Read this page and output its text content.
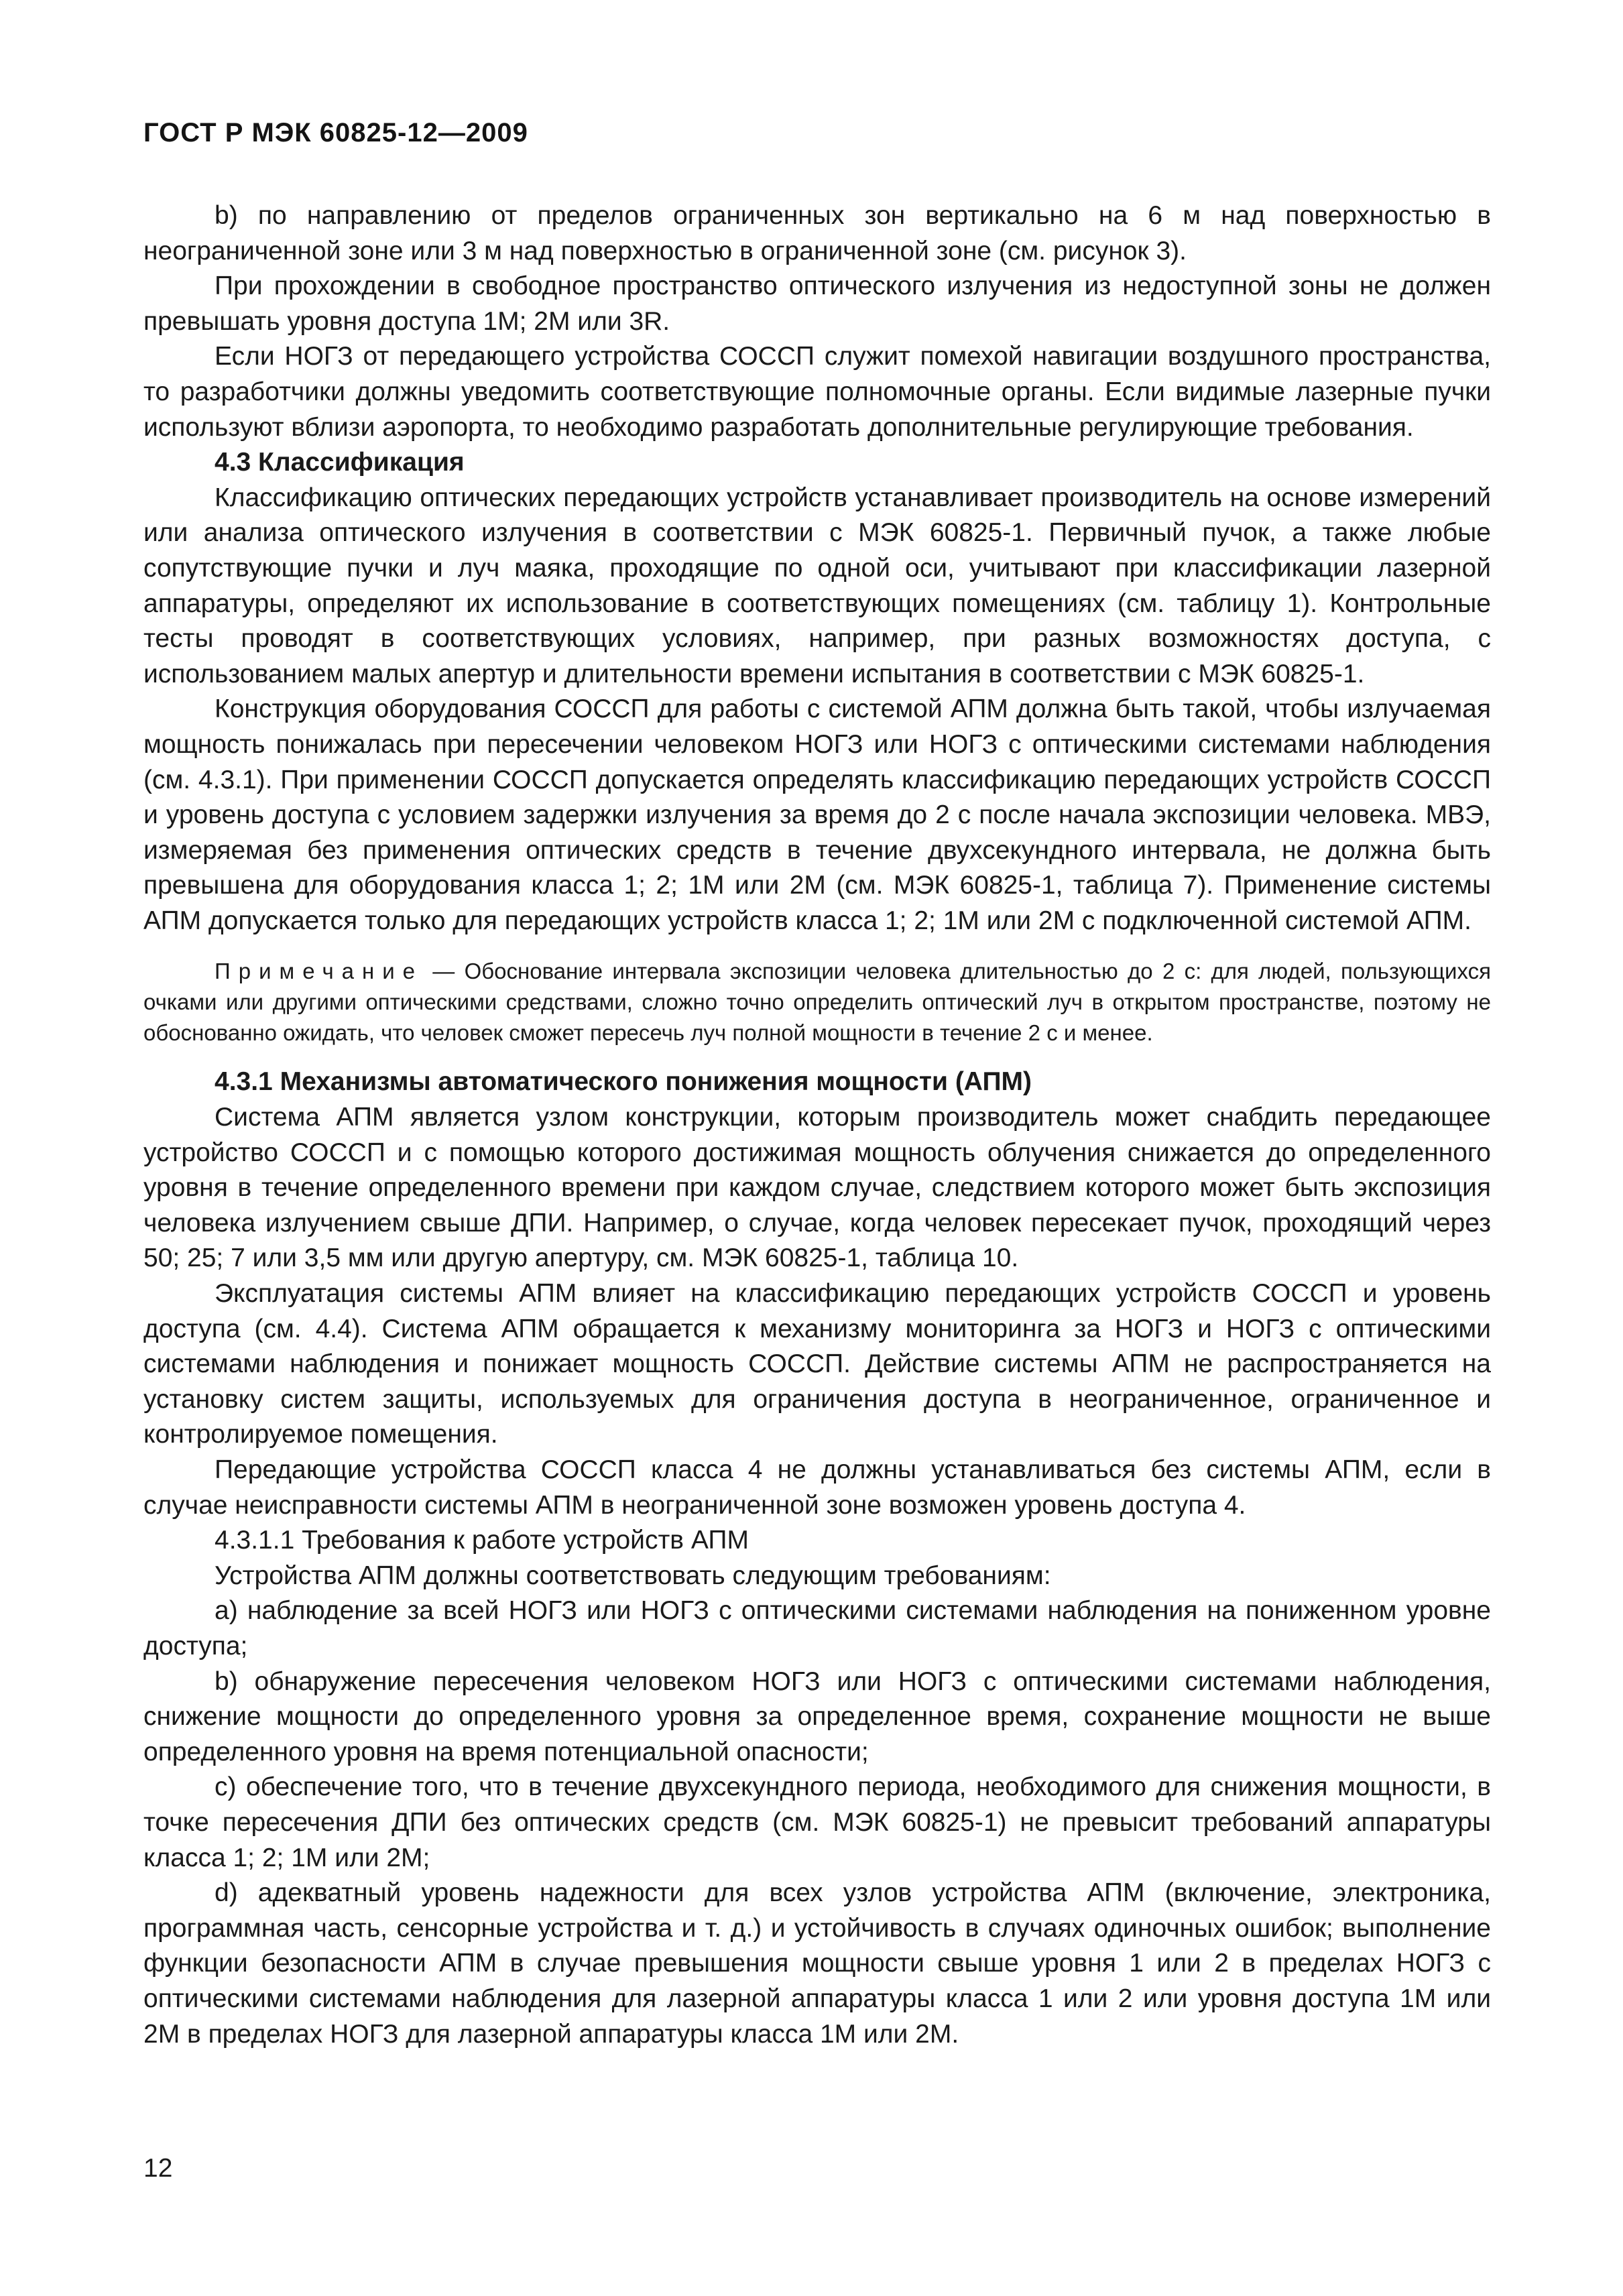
ГОСТ Р МЭК 60825-12—2009

b) по направлению от пределов ограниченных зон вертикально на 6 м над поверхностью в неограниченной зоне или 3 м над поверхностью в ограниченной зоне (см. рисунок 3).

При прохождении в свободное пространство оптического излучения из недоступной зоны не должен превышать уровня доступа 1М; 2М или 3R.

Если НОГЗ от передающего устройства СОССП служит помехой навигации воздушного пространства, то разработчики должны уведомить соответствующие полномочные органы. Если видимые лазерные пучки используют вблизи аэропорта, то необходимо разработать дополнительные регулирующие требования.

4.3 Классификация

Классификацию оптических передающих устройств устанавливает производитель на основе измерений или анализа оптического излучения в соответствии с МЭК 60825-1. Первичный пучок, а также любые сопутствующие пучки и луч маяка, проходящие по одной оси, учитывают при классификации лазерной аппаратуры, определяют их использование в соответствующих помещениях (см. таблицу 1). Контрольные тесты проводят в соответствующих условиях, например, при разных возможностях доступа, с использованием малых апертур и длительности времени испытания в соответствии с МЭК 60825-1.

Конструкция оборудования СОССП для работы с системой АПМ должна быть такой, чтобы излучаемая мощность понижалась при пересечении человеком НОГЗ или НОГЗ с оптическими системами наблюдения (см. 4.3.1). При применении СОССП допускается определять классификацию передающих устройств СОССП и уровень доступа с условием задержки излучения за время до 2 с после начала экспозиции человека. МВЭ, измеряемая без применения оптических средств в течение двухсекундного интервала, не должна быть превышена для оборудования класса 1; 2; 1М или 2М (см. МЭК 60825-1, таблица 7). Применение системы АПМ допускается только для передающих устройств класса 1; 2; 1М или 2М с подключенной системой АПМ.

Примечание — Обоснование интервала экспозиции человека длительностью до 2 с: для людей, пользующихся очками или другими оптическими средствами, сложно точно определить оптический луч в открытом пространстве, поэтому не обоснованно ожидать, что человек сможет пересечь луч полной мощности в течение 2 с и менее.

4.3.1 Механизмы автоматического понижения мощности (АПМ)

Система АПМ является узлом конструкции, которым производитель может снабдить передающее устройство СОССП и с помощью которого достижимая мощность облучения снижается до определенного уровня в течение определенного времени при каждом случае, следствием которого может быть экспозиция человека излучением свыше ДПИ. Например, о случае, когда человек пересекает пучок, проходящий через 50; 25; 7 или 3,5 мм или другую апертуру, см. МЭК 60825-1, таблица 10.

Эксплуатация системы АПМ влияет на классификацию передающих устройств СОССП и уровень доступа (см. 4.4). Система АПМ обращается к механизму мониторинга за НОГЗ и НОГЗ с оптическими системами наблюдения и понижает мощность СОССП. Действие системы АПМ не распространяется на установку систем защиты, используемых для ограничения доступа в неограниченное, ограниченное и контролируемое помещения.

Передающие устройства СОССП класса 4 не должны устанавливаться без системы АПМ, если в случае неисправности системы АПМ в неограниченной зоне возможен уровень доступа 4.

4.3.1.1 Требования к работе устройств АПМ

Устройства АПМ должны соответствовать следующим требованиям:

a) наблюдение за всей НОГЗ или НОГЗ с оптическими системами наблюдения на пониженном уровне доступа;

b) обнаружение пересечения человеком НОГЗ или НОГЗ с оптическими системами наблюдения, снижение мощности до определенного уровня за определенное время, сохранение мощности не выше определенного уровня на время потенциальной опасности;

c) обеспечение того, что в течение двухсекундного периода, необходимого для снижения мощности, в точке пересечения ДПИ без оптических средств (см. МЭК 60825-1) не превысит требований аппаратуры класса 1; 2; 1М или 2М;

d) адекватный уровень надежности для всех узлов устройства АПМ (включение, электроника, программная часть, сенсорные устройства и т. д.) и устойчивость в случаях одиночных ошибок; выполнение функции безопасности АПМ в случае превышения мощности свыше уровня 1 или 2 в пределах НОГЗ с оптическими системами наблюдения для лазерной аппаратуры класса 1 или 2 или уровня доступа 1М или 2М в пределах НОГЗ для лазерной аппаратуры класса 1М или 2М.

12
